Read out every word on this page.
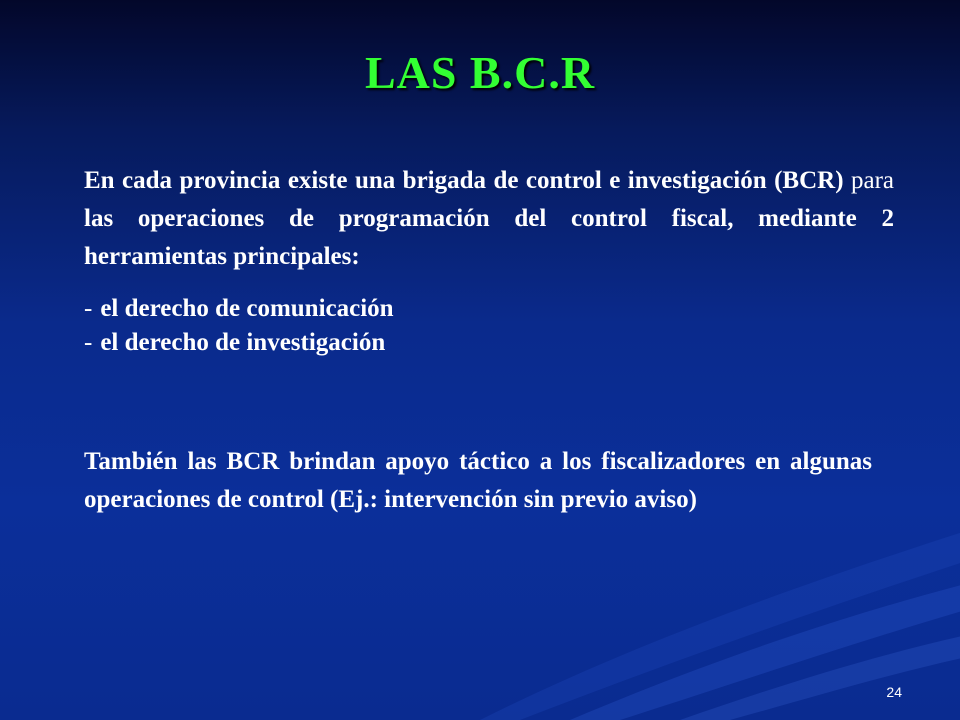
LAS B.C.R
En cada provincia existe una brigada de control e investigación (BCR) para las operaciones de programación del control fiscal, mediante 2 herramientas principales:
- el derecho de comunicación
- el derecho de investigación
También las BCR brindan apoyo táctico a los fiscalizadores en algunas operaciones de control (Ej.: intervención sin previo aviso)
24
